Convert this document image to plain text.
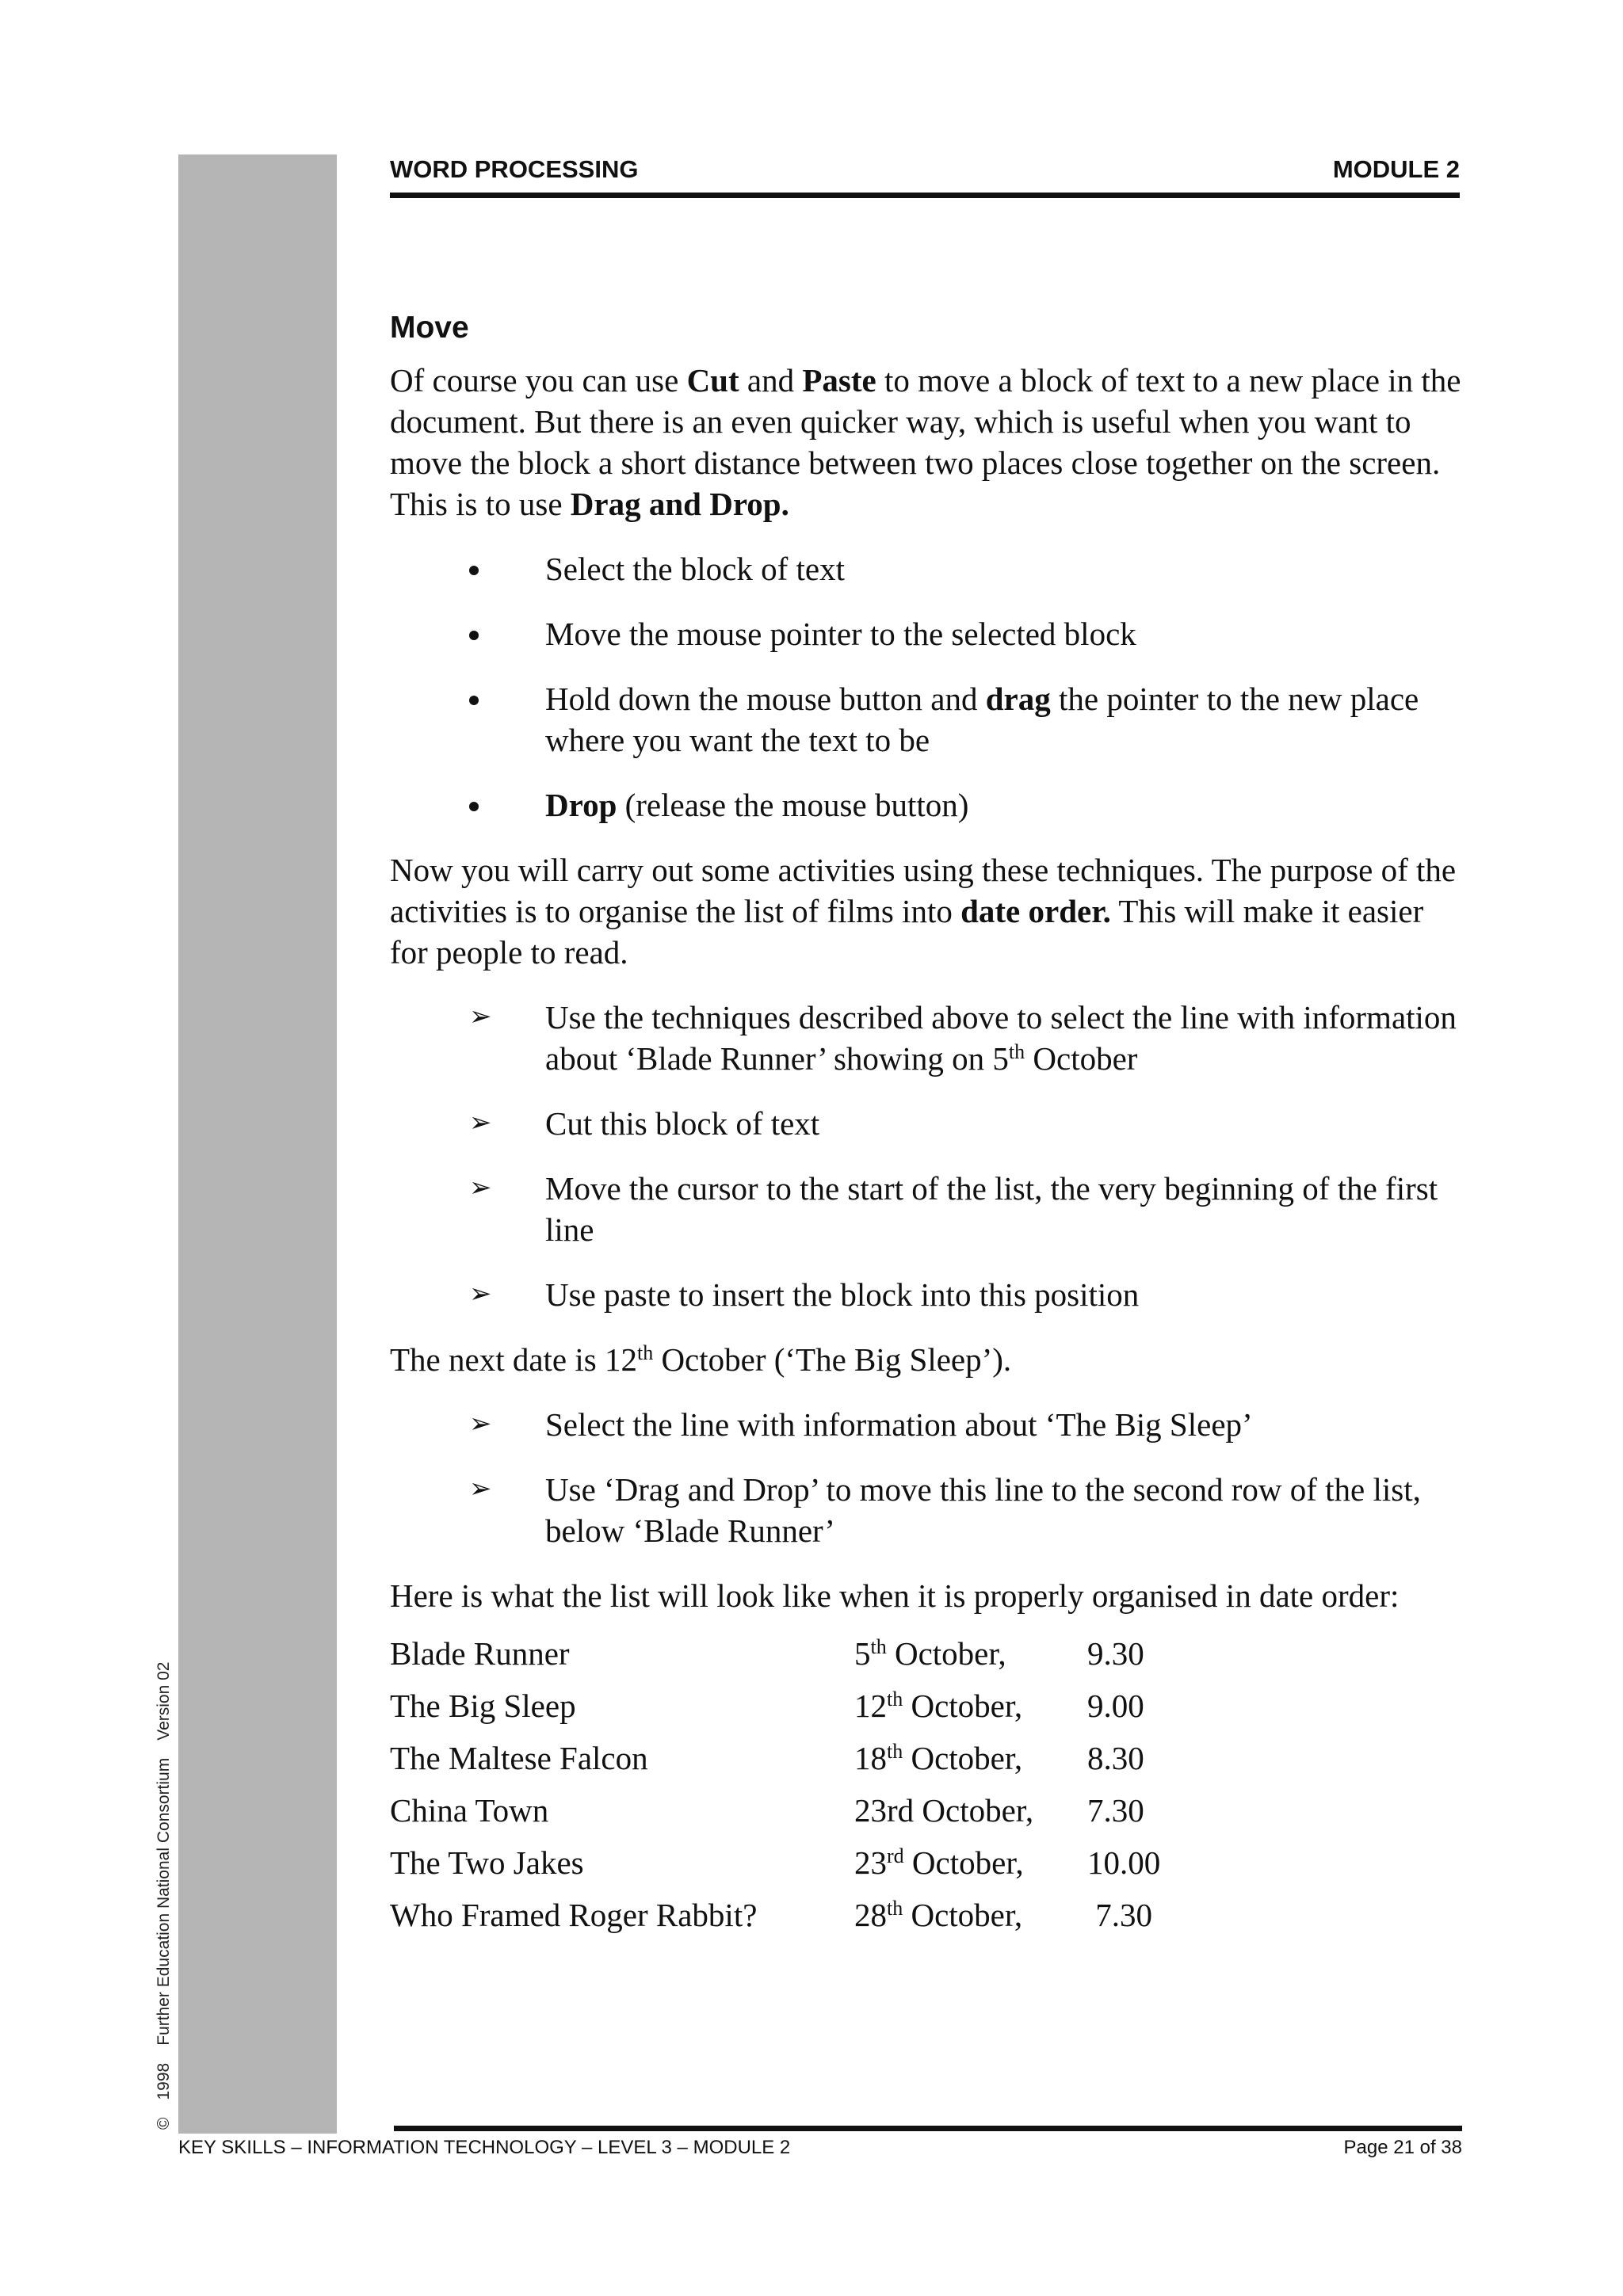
©1998Further Education National ConsortiumVersion 02
WORD PROCESSING	MODULE 2
Move

Of course you can use Cut and Paste to move a block of text to a new place in the document. But there is an even quicker way, which is useful when you want to move the block a short distance between two places close together on the screen. This is to use Drag and Drop.

Select the block of text
Move the mouse pointer to the selected block
Hold down the mouse button and drag the pointer to the new place where you want the text to be
Drop (release the mouse button)

Now you will carry out some activities using these techniques. The purpose of the activities is to organise the list of films into date order. This will make it easier for people to read.

➢ Use the techniques described above to select the line with information about ‘Blade Runner’ showing on 5th October
➢ Cut this block of text
➢ Move the cursor to the start of the list, the very beginning of the first line
➢ Use paste to insert the block into this position

The next date is 12th October (‘The Big Sleep’).

➢ Select the line with information about ‘The Big Sleep’
➢ Use ‘Drag and Drop’ to move this line to the second row of the list, below ‘Blade Runner’

Here is what the list will look like when it is properly organised in date order:

Blade Runner	5th October,	9.30
The Big Sleep	12th October,	9.00
The Maltese Falcon	18th October,	8.30
China Town	23rd October,	7.30
The Two Jakes	23rd October,	10.00
Who Framed Roger Rabbit?	28th October,	7.30
KEY SKILLS – INFORMATION TECHNOLOGY – LEVEL 3 – MODULE 2	Page 21 of 38
